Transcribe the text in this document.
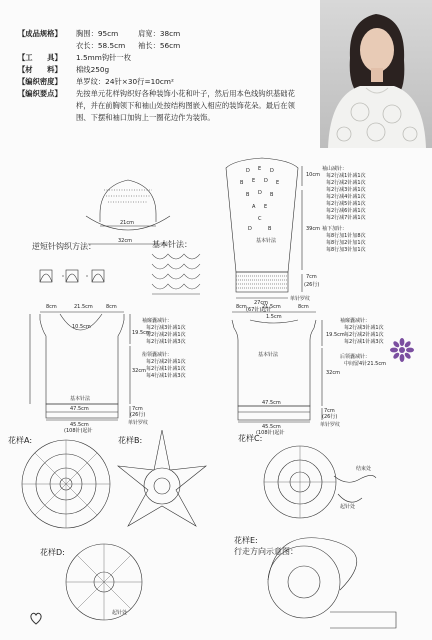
【成品规格】	胸围：95cm	肩宽：38cm
衣长：58.5cm 袖长：56cm
【工　　具】	1.5mm钩针一枚
【材　　料】	棉线250g
【编织密度】	单罗纹：24针×30行=10cm²
【编织要点】	先按单元花样钩织好各种装饰小花和叶子，然后用本色线钩织基础花样，并在前胸领下和袖山处按结构图嵌入相应的装饰花朵。最后在领围、下摆和袖口加钩上一圈花边作为装饰。
D E D
B E D E
B D B
A E
C
D	B
21cm
32cm
袖山减针：
每2行减1针减1次
每2行减2针减1次
每2行减3针减1次
每2行减4针减1次
每2行减5针减1次
每2行减6针减1次
每2行减7针减1次
袖下加针：
每8行加1针加8次
每8行加2针加1次
每8行加3针加1次
10cm
39cm
7cm
(26行)
基本针法
27cm
(67针)起针
单针罗纹
逆短针钩织方法：	基本针法：
8cm	21.5cm	8cm
10.5cm
19.5cm
32cm
7cm
(26行)
基本针法
47.5cm
45.5cm
(108针)起针
单针罗纹
袖窿囊减针：
每2行减3针减1次
每2行减2针减1次
每2行减1针减3次
衔领囊减针：
每2行减2针减1次
每2行减1针减1次
每4行减1针减3次
8cm	21.5cm	8cm
1.5cm
19.5cm
32cm
7cm
(26行)
基本针法
47.5cm
45.5cm
(108针)起针
单针罗纹
袖窿囊减针：
每2行减3针减1次
每2行减2针减1次
每2行减1针减3次
后领囊减针：
中间留4针21.5cm
花样A:	花样B:	花样C:
花样D:
花样E:
行走方向示意图：
结束处
起针处
起针处
